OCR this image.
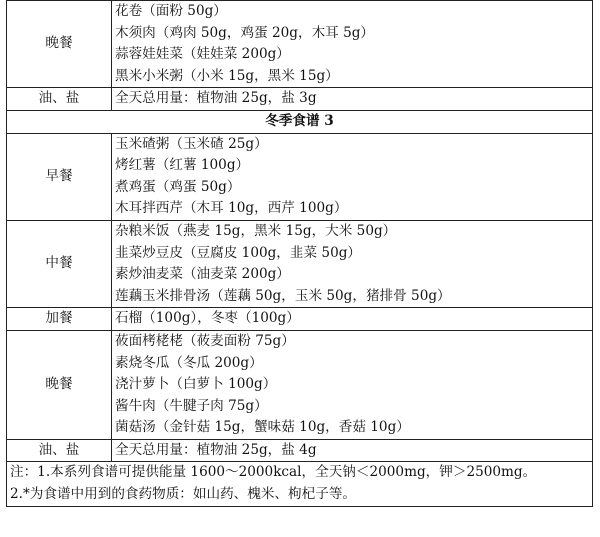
晚餐	花卷（面粉 50g）
木须肉（鸡肉 50g，鸡蛋 20g，木耳 5g）
蒜蓉娃娃菜（娃娃菜 200g）
黑米小米粥（小米 15g，黑米 15g）

油、盐	全天总用量：植物油 25g，盐 3g
冬季食谱 3	
早餐	玉米碴粥（玉米碴 25g）
烤红薯（红薯 100g）
煮鸡蛋（鸡蛋 50g）
木耳拌西芹（木耳 10g，西芹 100g）

中餐	杂粮米饭（燕麦 15g，黑米 15g，大米 50g）
韭菜炒豆皮（豆腐皮 100g，韭菜 50g）
素炒油麦菜（油麦菜 200g）
莲藕玉米排骨汤（莲藕 50g，玉米 50g，猪排骨 50g）

加餐	石榴（100g），冬枣（100g）
晚餐	莜面栲栳栳（莜麦面粉 75g）
素烧冬瓜（冬瓜 200g）
浇汁萝卜（白萝卜 100g）
酱牛肉（牛腱子肉 75g）
菌菇汤（金针菇 15g，蟹味菇 10g，香菇 10g）

油、盐	全天总用量：植物油 25g，盐 4g

注：1.本系列食谱可提供能量 1600～2000kcal，全天钠＜2000mg，钾＞2500mg。
2.*为食谱中用到的食药物质：如山药、槐米、枸杞子等。	
